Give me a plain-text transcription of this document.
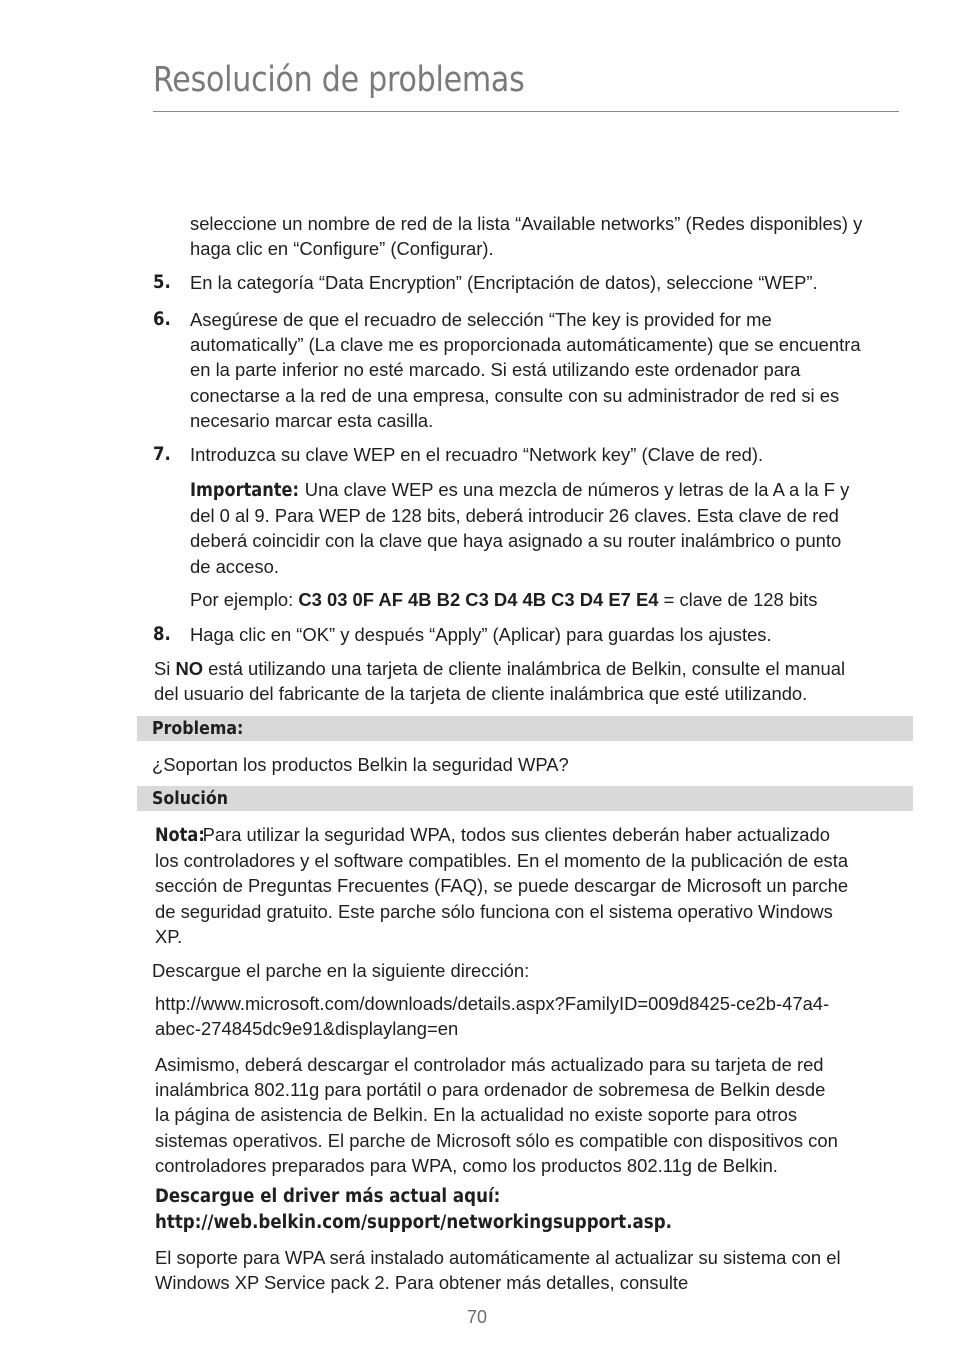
Resolución de problemas
seleccione un nombre de red de la lista “Available networks” (Redes disponibles) y
haga clic en “Configure” (Configurar).
5. En la categoría “Data Encryption” (Encriptación de datos), seleccione “WEP”.
6. Asegúrese de que el recuadro de selección “The key is provided for me
automatically” (La clave me es proporcionada automáticamente) que se encuentra
en la parte inferior no esté marcado. Si está utilizando este ordenador para
conectarse a la red de una empresa, consulte con su administrador de red si es
necesario marcar esta casilla.
7. Introduzca su clave WEP en el recuadro “Network key” (Clave de red).
Importante: Una clave WEP es una mezcla de números y letras de la A a la F y
del 0 al 9. Para WEP de 128 bits, deberá introducir 26 claves. Esta clave de red
deberá coincidir con la clave que haya asignado a su router inalámbrico o punto
de acceso.
Por ejemplo: C3 03 0F AF 4B B2 C3 D4 4B C3 D4 E7 E4 = clave de 128 bits
8. Haga clic en “OK” y después “Apply” (Aplicar) para guardas los ajustes.
Si NO está utilizando una tarjeta de cliente inalámbrica de Belkin, consulte el manual
del usuario del fabricante de la tarjeta de cliente inalámbrica que esté utilizando.
Problema:
¿Soportan los productos Belkin la seguridad WPA?
Solución
Nota:Para utilizar la seguridad WPA, todos sus clientes deberán haber actualizado
los controladores y el software compatibles. En el momento de la publicación de esta
sección de Preguntas Frecuentes (FAQ), se puede descargar de Microsoft un parche
de seguridad gratuito. Este parche sólo funciona con el sistema operativo Windows
XP.
Descargue el parche en la siguiente dirección:
http://www.microsoft.com/downloads/details.aspx?FamilyID=009d8425-ce2b-47a4-
abec-274845dc9e91&displaylang=en
Asimismo, deberá descargar el controlador más actualizado para su tarjeta de red
inalámbrica 802.11g para portátil o para ordenador de sobremesa de Belkin desde
la página de asistencia de Belkin. En la actualidad no existe soporte para otros
sistemas operativos. El parche de Microsoft sólo es compatible con dispositivos con
controladores preparados para WPA, como los productos 802.11g de Belkin.
Descargue el driver más actual aquí:
http://web.belkin.com/support/networkingsupport.asp.
El soporte para WPA será instalado automáticamente al actualizar su sistema con el
Windows XP Service pack 2. Para obtener más detalles, consulte
70
